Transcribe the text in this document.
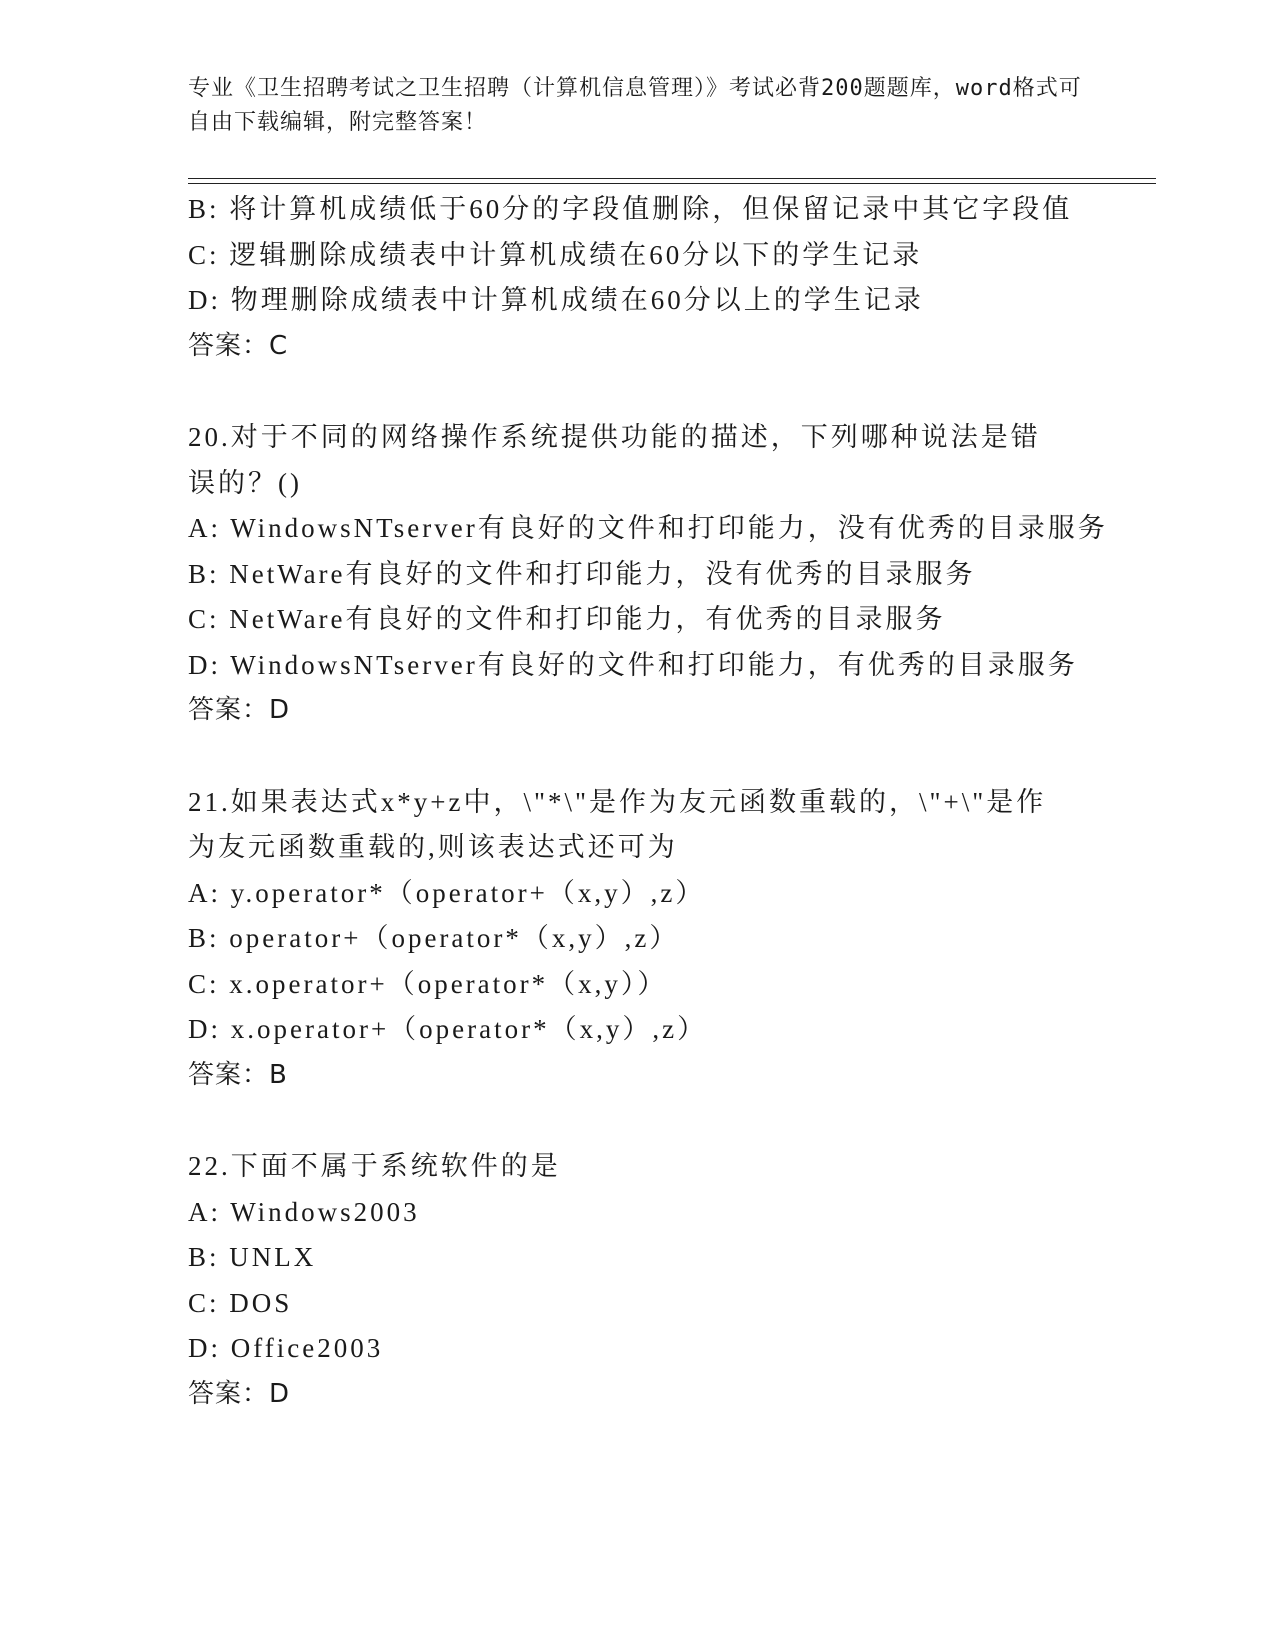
专业《卫生招聘考试之卫生招聘（计算机信息管理）》考试必背200题题库，word格式可自由下载编辑，附完整答案！
B: 将计算机成绩低于60分的字段值删除，但保留记录中其它字段值
C: 逻辑删除成绩表中计算机成绩在60分以下的学生记录
D: 物理删除成绩表中计算机成绩在60分以上的学生记录
答案：C
20.对于不同的网络操作系统提供功能的描述，下列哪种说法是错误的？()
A: WindowsNTserver有良好的文件和打印能力，没有优秀的目录服务
B: NetWare有良好的文件和打印能力，没有优秀的目录服务
C: NetWare有良好的文件和打印能力，有优秀的目录服务
D: WindowsNTserver有良好的文件和打印能力，有优秀的目录服务
答案：D
21.如果表达式x*y+z中，\"*\"是作为友元函数重载的，\"+\"是作为友元函数重载的,则该表达式还可为
A: y.operator*（operator+（x,y）,z）
B: operator+（operator*（x,y）,z）
C: x.operator+（operator*（x,y））
D: x.operator+（operator*（x,y）,z）
答案：B
22.下面不属于系统软件的是
A: Windows2003
B: UNLX
C: DOS
D: Office2003
答案：D
